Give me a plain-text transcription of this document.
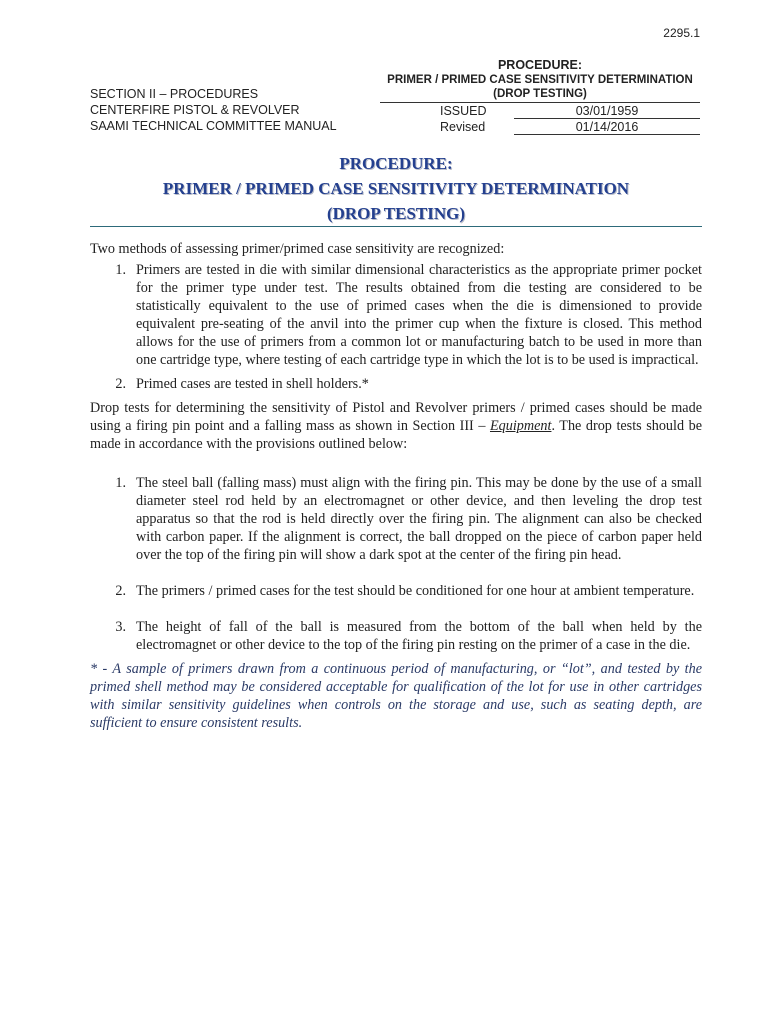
2295.1
SECTION II – PROCEDURES
CENTERFIRE PISTOL & REVOLVER
SAAMI TECHNICAL COMMITTEE MANUAL
PROCEDURE:
PRIMER / PRIMED CASE SENSITIVITY DETERMINATION
(DROP TESTING)
ISSUED	03/01/1959
Revised	01/14/2016
PROCEDURE:
PRIMER / PRIMED CASE SENSITIVITY DETERMINATION
(DROP TESTING)

Two methods of assessing primer/primed case sensitivity are recognized:

1. Primers are tested in die with similar dimensional characteristics as the appropriate primer pocket for the primer type under test. The results obtained from die testing are considered to be statistically equivalent to the use of primed cases when the die is dimensioned to provide equivalent pre-seating of the anvil into the primer cup when the fixture is closed. This method allows for the use of primers from a common lot or manufacturing batch to be used in more than one cartridge type, where testing of each cartridge type in which the lot is to be used is impractical.
2. Primed cases are tested in shell holders.*

Drop tests for determining the sensitivity of Pistol and Revolver primers / primed cases should be made using a firing pin point and a falling mass as shown in Section III – Equipment. The drop tests should be made in accordance with the provisions outlined below:

1. The steel ball (falling mass) must align with the firing pin. This may be done by the use of a small diameter steel rod held by an electromagnet or other device, and then leveling the drop test apparatus so that the rod is held directly over the firing pin. The alignment can also be checked with carbon paper. If the alignment is correct, the ball dropped on the piece of carbon paper held over the top of the firing pin will show a dark spot at the center of the firing pin head.
2. The primers / primed cases for the test should be conditioned for one hour at ambient temperature.
3. The height of fall of the ball is measured from the bottom of the ball when held by the electromagnet or other device to the top of the firing pin resting on the primer of a case in the die.

* - A sample of primers drawn from a continuous period of manufacturing, or “lot”, and tested by the primed shell method may be considered acceptable for qualification of the lot for use in other cartridges with similar sensitivity guidelines when controls on the storage and use, such as seating depth, are sufficient to ensure consistent results.
